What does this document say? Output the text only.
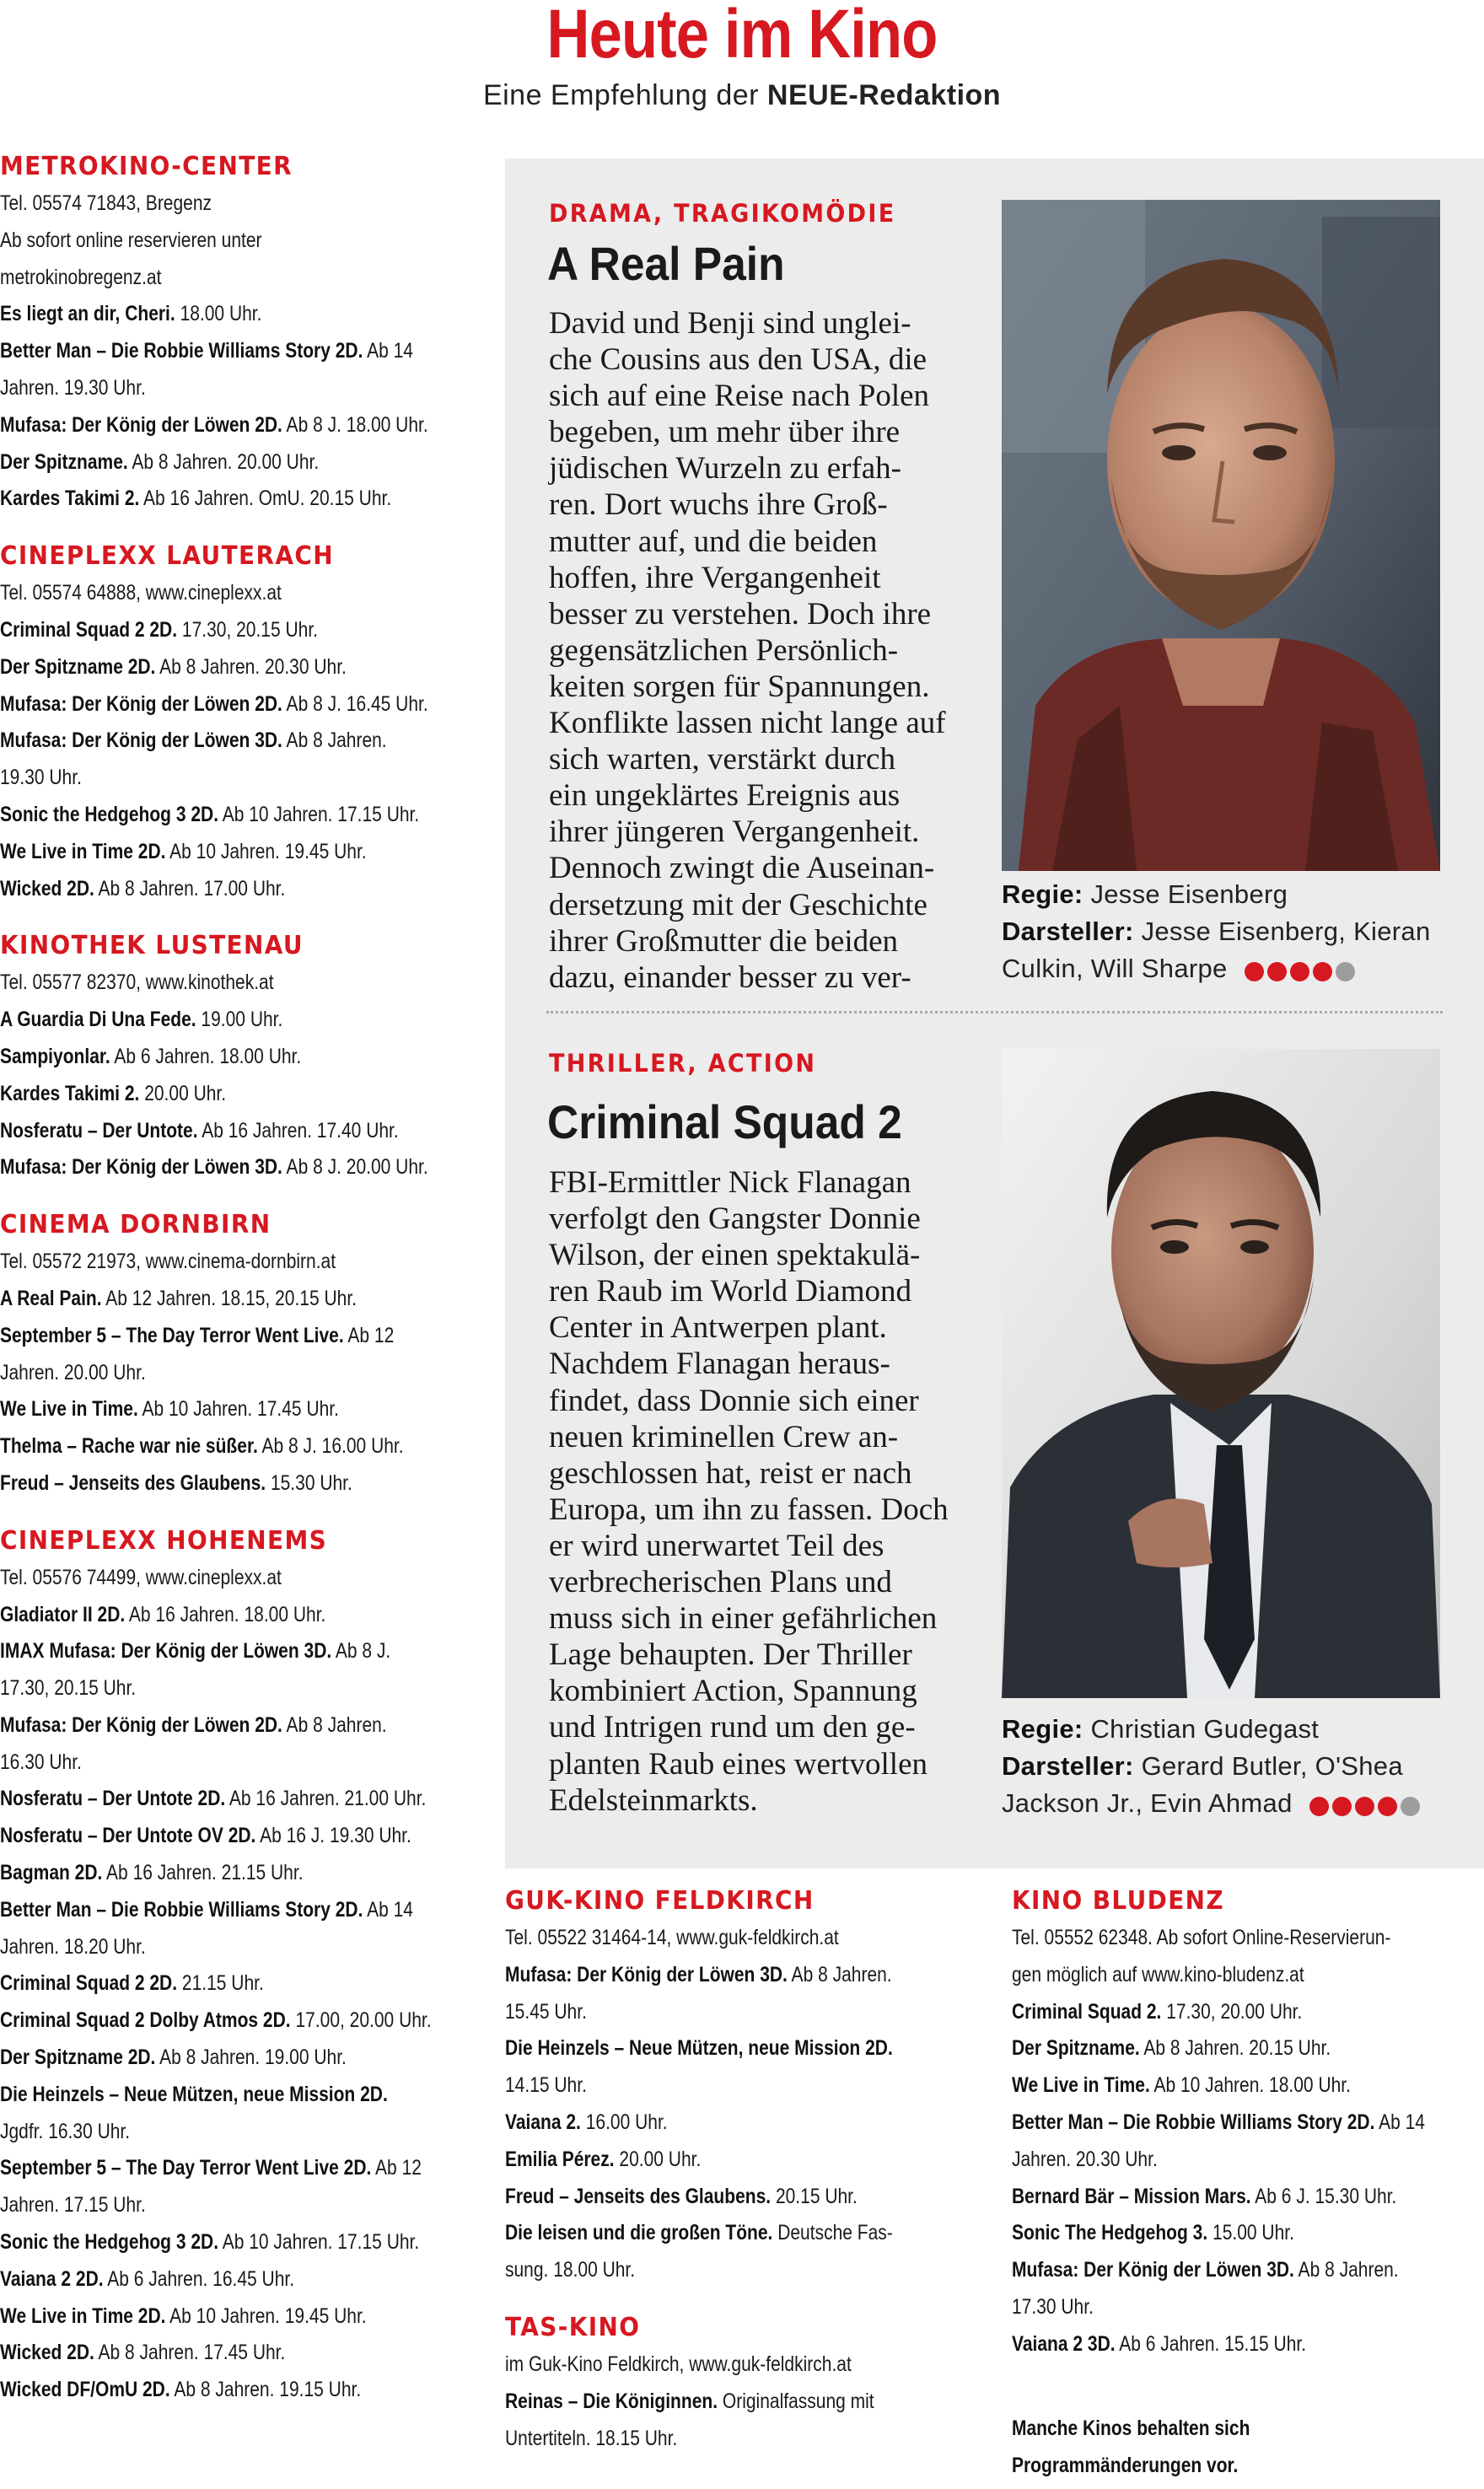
Heute im Kino
Eine Empfehlung der NEUE-Redaktion
METROKINO-CENTER
Tel. 05574 71843, Bregenz
Ab sofort online reservieren unter
metrokinobregenz.at
Es liegt an dir, Cheri. 18.00 Uhr.
Better Man – Die Robbie Williams Story 2D. Ab 14
Jahren. 19.30 Uhr.
Mufasa: Der König der Löwen 2D. Ab 8 J. 18.00 Uhr.
Der Spitzname. Ab 8 Jahren. 20.00 Uhr.
Kardes Takimi 2. Ab 16 Jahren. OmU. 20.15 Uhr.
CINEPLEXX LAUTERACH
Tel. 05574 64888, www.cineplexx.at
Criminal Squad 2 2D. 17.30, 20.15 Uhr.
Der Spitzname 2D. Ab 8 Jahren. 20.30 Uhr.
Mufasa: Der König der Löwen 2D. Ab 8 J. 16.45 Uhr.
Mufasa: Der König der Löwen 3D. Ab 8 Jahren.
19.30 Uhr.
Sonic the Hedgehog 3 2D. Ab 10 Jahren. 17.15 Uhr.
We Live in Time 2D. Ab 10 Jahren. 19.45 Uhr.
Wicked 2D. Ab 8 Jahren. 17.00 Uhr.
KINOTHEK LUSTENAU
Tel. 05577 82370, www.kinothek.at
A Guardia Di Una Fede. 19.00 Uhr.
Sampiyonlar. Ab 6 Jahren. 18.00 Uhr.
Kardes Takimi 2. 20.00 Uhr.
Nosferatu – Der Untote. Ab 16 Jahren. 17.40 Uhr.
Mufasa: Der König der Löwen 3D. Ab 8 J. 20.00 Uhr.
CINEMA DORNBIRN
Tel. 05572 21973, www.cinema-dornbirn.at
A Real Pain. Ab 12 Jahren. 18.15, 20.15 Uhr.
September 5 – The Day Terror Went Live. Ab 12
Jahren. 20.00 Uhr.
We Live in Time. Ab 10 Jahren. 17.45 Uhr.
Thelma – Rache war nie süßer. Ab 8 J. 16.00 Uhr.
Freud – Jenseits des Glaubens. 15.30 Uhr.
CINEPLEXX HOHENEMS
Tel. 05576 74499, www.cineplexx.at
Gladiator II 2D. Ab 16 Jahren. 18.00 Uhr.
IMAX Mufasa: Der König der Löwen 3D. Ab 8 J.
17.30, 20.15 Uhr.
Mufasa: Der König der Löwen 2D. Ab 8 Jahren.
16.30 Uhr.
Nosferatu – Der Untote 2D. Ab 16 Jahren. 21.00 Uhr.
Nosferatu – Der Untote OV 2D. Ab 16 J. 19.30 Uhr.
Bagman 2D. Ab 16 Jahren. 21.15 Uhr.
Better Man – Die Robbie Williams Story 2D. Ab 14
Jahren. 18.20 Uhr.
Criminal Squad 2 2D. 21.15 Uhr.
Criminal Squad 2 Dolby Atmos 2D. 17.00, 20.00 Uhr.
Der Spitzname 2D. Ab 8 Jahren. 19.00 Uhr.
Die Heinzels – Neue Mützen, neue Mission 2D.
Jgdfr. 16.30 Uhr.
September 5 – The Day Terror Went Live 2D. Ab 12
Jahren. 17.15 Uhr.
Sonic the Hedgehog 3 2D. Ab 10 Jahren. 17.15 Uhr.
Vaiana 2 2D. Ab 6 Jahren. 16.45 Uhr.
We Live in Time 2D. Ab 10 Jahren. 19.45 Uhr.
Wicked 2D. Ab 8 Jahren. 17.45 Uhr.
Wicked DF/OmU 2D. Ab 8 Jahren. 19.15 Uhr.
DRAMA, TRAGIKOMÖDIE
A Real Pain
David und Benji sind unglei-
che Cousins aus den USA, die
sich auf eine Reise nach Polen
begeben, um mehr über ihre
jüdischen Wurzeln zu erfah-
ren. Dort wuchs ihre Groß-
mutter auf, und die beiden
hoffen, ihre Vergangenheit
besser zu verstehen. Doch ihre
gegensätzlichen Persönlich-
keiten sorgen für Spannungen.
Konflikte lassen nicht lange auf
sich warten, verstärkt durch
ein ungeklärtes Ereignis aus
ihrer jüngeren Vergangenheit.
Dennoch zwingt die Auseinan-
dersetzung mit der Geschichte
ihrer Großmutter die beiden
dazu, einander besser zu ver-
Regie: Jesse Eisenberg
Darsteller: Jesse Eisenberg, Kieran
Culkin, Will Sharpe
THRILLER, ACTION
Criminal Squad 2
FBI-Ermittler Nick Flanagan
verfolgt den Gangster Donnie
Wilson, der einen spektakulä-
ren Raub im World Diamond
Center in Antwerpen plant.
Nachdem Flanagan heraus-
findet, dass Donnie sich einer
neuen kriminellen Crew an-
geschlossen hat, reist er nach
Europa, um ihn zu fassen. Doch
er wird unerwartet Teil des
verbrecherischen Plans und
muss sich in einer gefährlichen
Lage behaupten. Der Thriller
kombiniert Action, Spannung
und Intrigen rund um den ge-
planten Raub eines wertvollen
Edelsteinmarkts.
Regie: Christian Gudegast
Darsteller: Gerard Butler, O'Shea
Jackson Jr., Evin Ahmad
GUK-KINO FELDKIRCH
Tel. 05522 31464-14, www.guk-feldkirch.at
Mufasa: Der König der Löwen 3D. Ab 8 Jahren.
15.45 Uhr.
Die Heinzels – Neue Mützen, neue Mission 2D.
14.15 Uhr.
Vaiana 2. 16.00 Uhr.
Emilia Pérez. 20.00 Uhr.
Freud – Jenseits des Glaubens. 20.15 Uhr.
Die leisen und die großen Töne. Deutsche Fas-
sung. 18.00 Uhr.
TAS-KINO
im Guk-Kino Feldkirch, www.guk-feldkirch.at
Reinas – Die Königinnen. Originalfassung mit
Untertiteln. 18.15 Uhr.
KINO BLUDENZ
Tel. 05552 62348. Ab sofort Online-Reservierun-
gen möglich auf www.kino-bludenz.at
Criminal Squad 2. 17.30, 20.00 Uhr.
Der Spitzname. Ab 8 Jahren. 20.15 Uhr.
We Live in Time. Ab 10 Jahren. 18.00 Uhr.
Better Man – Die Robbie Williams Story 2D. Ab 14
Jahren. 20.30 Uhr.
Bernard Bär – Mission Mars. Ab 6 J. 15.30 Uhr.
Sonic The Hedgehog 3. 15.00 Uhr.
Mufasa: Der König der Löwen 3D. Ab 8 Jahren.
17.30 Uhr.
Vaiana 2 3D. Ab 6 Jahren. 15.15 Uhr.
Manche Kinos behalten sich
Programmänderungen vor.
